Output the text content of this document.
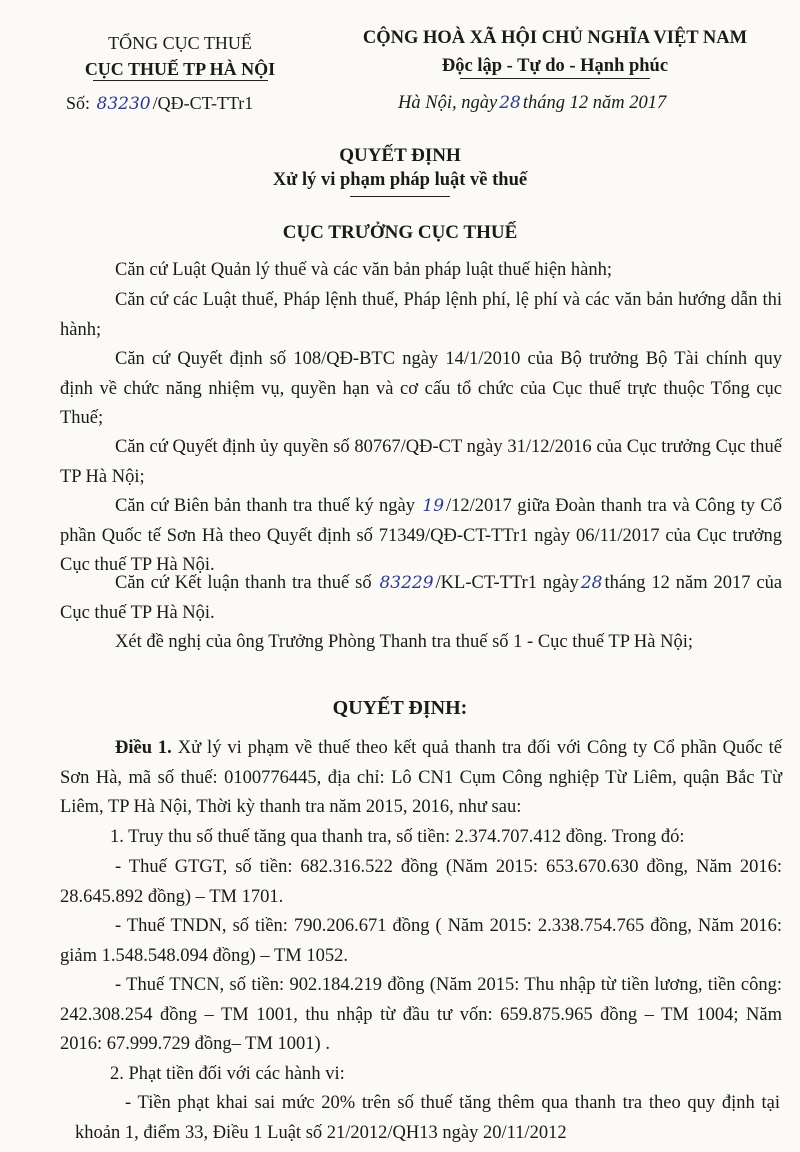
TỔNG CỤC THUẾ
CỤC THUẾ TP HÀ NỘI
Số: 83230 /QĐ-CT-TTr1
CỘNG HOÀ XÃ HỘI CHỦ NGHĨA VIỆT NAM
Độc lập - Tự do - Hạnh phúc
Hà Nội, ngày 28 tháng 12 năm 2017
QUYẾT ĐỊNH
Xử lý vi phạm pháp luật về thuế
CỤC TRƯỞNG CỤC THUẾ

Căn cứ Luật Quản lý thuế và các văn bản pháp luật thuế hiện hành;

Căn cứ các Luật thuế, Pháp lệnh thuế, Pháp lệnh phí, lệ phí và các văn bản hướng dẫn thi hành;

Căn cứ Quyết định số 108/QĐ-BTC ngày 14/1/2010 của Bộ trưởng Bộ Tài chính quy định về chức năng nhiệm vụ, quyền hạn và cơ cấu tổ chức của Cục thuế trực thuộc Tổng cục Thuế;

Căn cứ Quyết định ủy quyền số 80767/QĐ-CT ngày 31/12/2016 của Cục trưởng Cục thuế TP Hà Nội;

Căn cứ Biên bản thanh tra thuế ký ngày 19 /12/2017 giữa Đoàn thanh tra và Công ty Cổ phần Quốc tế Sơn Hà theo Quyết định số 71349/QĐ-CT-TTr1 ngày 06/11/2017 của Cục trưởng Cục thuế TP Hà Nội.

Căn cứ Kết luận thanh tra thuế số 83229 /KL-CT-TTr1 ngày 28 tháng 12 năm 2017 của Cục thuế TP Hà Nội.

Xét đề nghị của ông Trưởng Phòng Thanh tra thuế số 1 - Cục thuế TP Hà Nội;

QUYẾT ĐỊNH:

Điều 1. Xử lý vi phạm về thuế theo kết quả thanh tra đối với Công ty Cổ phần Quốc tế Sơn Hà, mã số thuế: 0100776445, địa chỉ: Lô CN1 Cụm Công nghiệp Từ Liêm, quận Bắc Từ Liêm, TP Hà Nội, Thời kỳ thanh tra năm 2015, 2016, như sau:

1. Truy thu số thuế tăng qua thanh tra, số tiền: 2.374.707.412 đồng. Trong đó:

- Thuế GTGT, số tiền: 682.316.522 đồng (Năm 2015: 653.670.630 đồng, Năm 2016: 28.645.892 đồng) – TM 1701.

- Thuế TNDN, số tiền: 790.206.671 đồng ( Năm 2015: 2.338.754.765 đồng, Năm 2016: giảm 1.548.548.094 đồng) – TM 1052.

- Thuế TNCN, số tiền: 902.184.219 đồng (Năm 2015: Thu nhập từ tiền lương, tiền công: 242.308.254 đồng – TM 1001, thu nhập từ đầu tư vốn: 659.875.965 đồng – TM 1004; Năm 2016: 67.999.729 đồng– TM 1001) .

2. Phạt tiền đối với các hành vi:

- Tiền phạt khai sai mức 20% trên số thuế tăng thêm qua thanh tra theo quy định tại khoản 1, điểm 33, Điều 1 Luật số 21/2012/QH13 ngày 20/11/2012
